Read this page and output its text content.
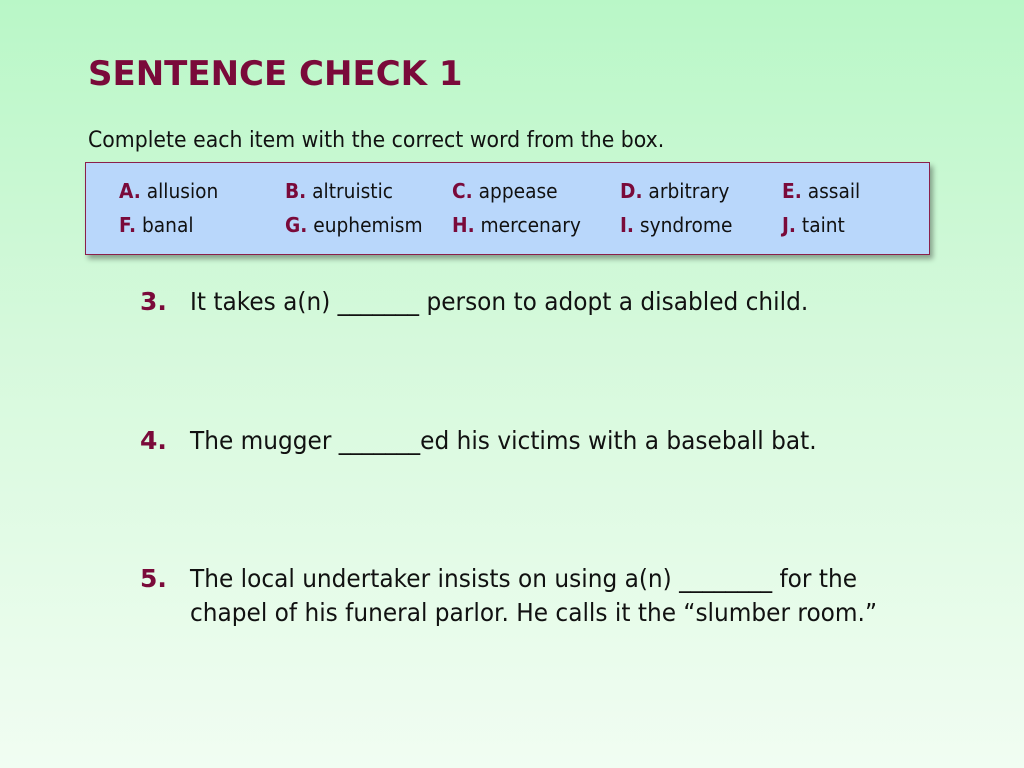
SENTENCE CHECK 1
Complete each item with the correct word from the box.
A. allusion	B. altruistic	C. appease	D. arbitrary	E. assail
F. banal	G. euphemism H. mercenary I. syndrome J. taint
3. It takes a(n) _______ person to adopt a disabled child.
4. The mugger _______ed his victims with a baseball bat.
5. The local undertaker insists on using a(n) ________ for the chapel of his funeral parlor. He calls it the “slumber room.”
